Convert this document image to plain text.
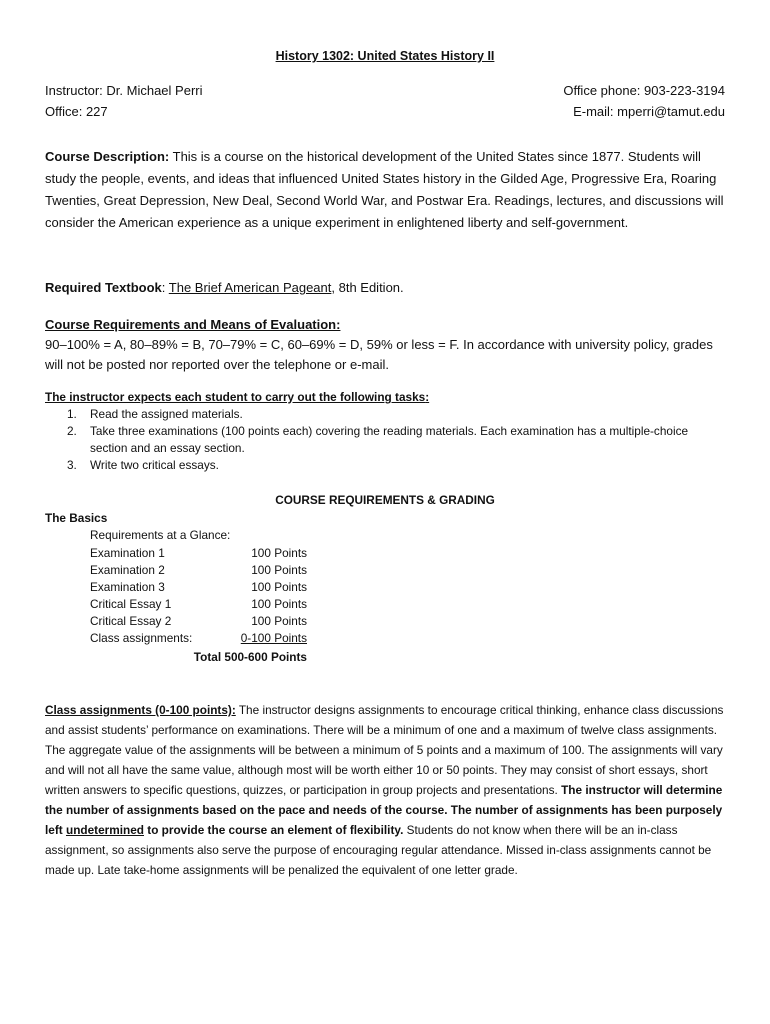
History 1302: United States History II
Instructor: Dr. Michael Perri	Office phone: 903-223-3194
Office: 227	E-mail: mperri@tamut.edu
Course Description: This is a course on the historical development of the United States since 1877. Students will study the people, events, and ideas that influenced United States history in the Gilded Age, Progressive Era, Roaring Twenties, Great Depression, New Deal, Second World War, and Postwar Era. Readings, lectures, and discussions will consider the American experience as a unique experiment in enlightened liberty and self-government.
Required Textbook: The Brief American Pageant, 8th Edition.
Course Requirements and Means of Evaluation:
90–100% = A, 80–89% = B, 70–79% = C, 60–69% = D, 59% or less = F. In accordance with university policy, grades will not be posted nor reported over the telephone or e-mail.
The instructor expects each student to carry out the following tasks:
1. Read the assigned materials.
2. Take three examinations (100 points each) covering the reading materials. Each examination has a multiple-choice section and an essay section.
3. Write two critical essays.
COURSE REQUIREMENTS & GRADING
The Basics
Requirements at a Glance:
Examination 1	100 Points
Examination 2	100 Points
Examination 3	100 Points
Critical Essay 1	100 Points
Critical Essay 2	100 Points
Class assignments:	0-100 Points
Total 500-600 Points
Class assignments (0-100 points): The instructor designs assignments to encourage critical thinking, enhance class discussions and assist students’ performance on examinations. There will be a minimum of one and a maximum of twelve class assignments. The aggregate value of the assignments will be between a minimum of 5 points and a maximum of 100. The assignments will vary and will not all have the same value, although most will be worth either 10 or 50 points. They may consist of short essays, short written answers to specific questions, quizzes, or participation in group projects and presentations. The instructor will determine the number of assignments based on the pace and needs of the course. The number of assignments has been purposely left undetermined to provide the course an element of flexibility. Students do not know when there will be an in-class assignment, so assignments also serve the purpose of encouraging regular attendance. Missed in-class assignments cannot be made up. Late take-home assignments will be penalized the equivalent of one letter grade.
